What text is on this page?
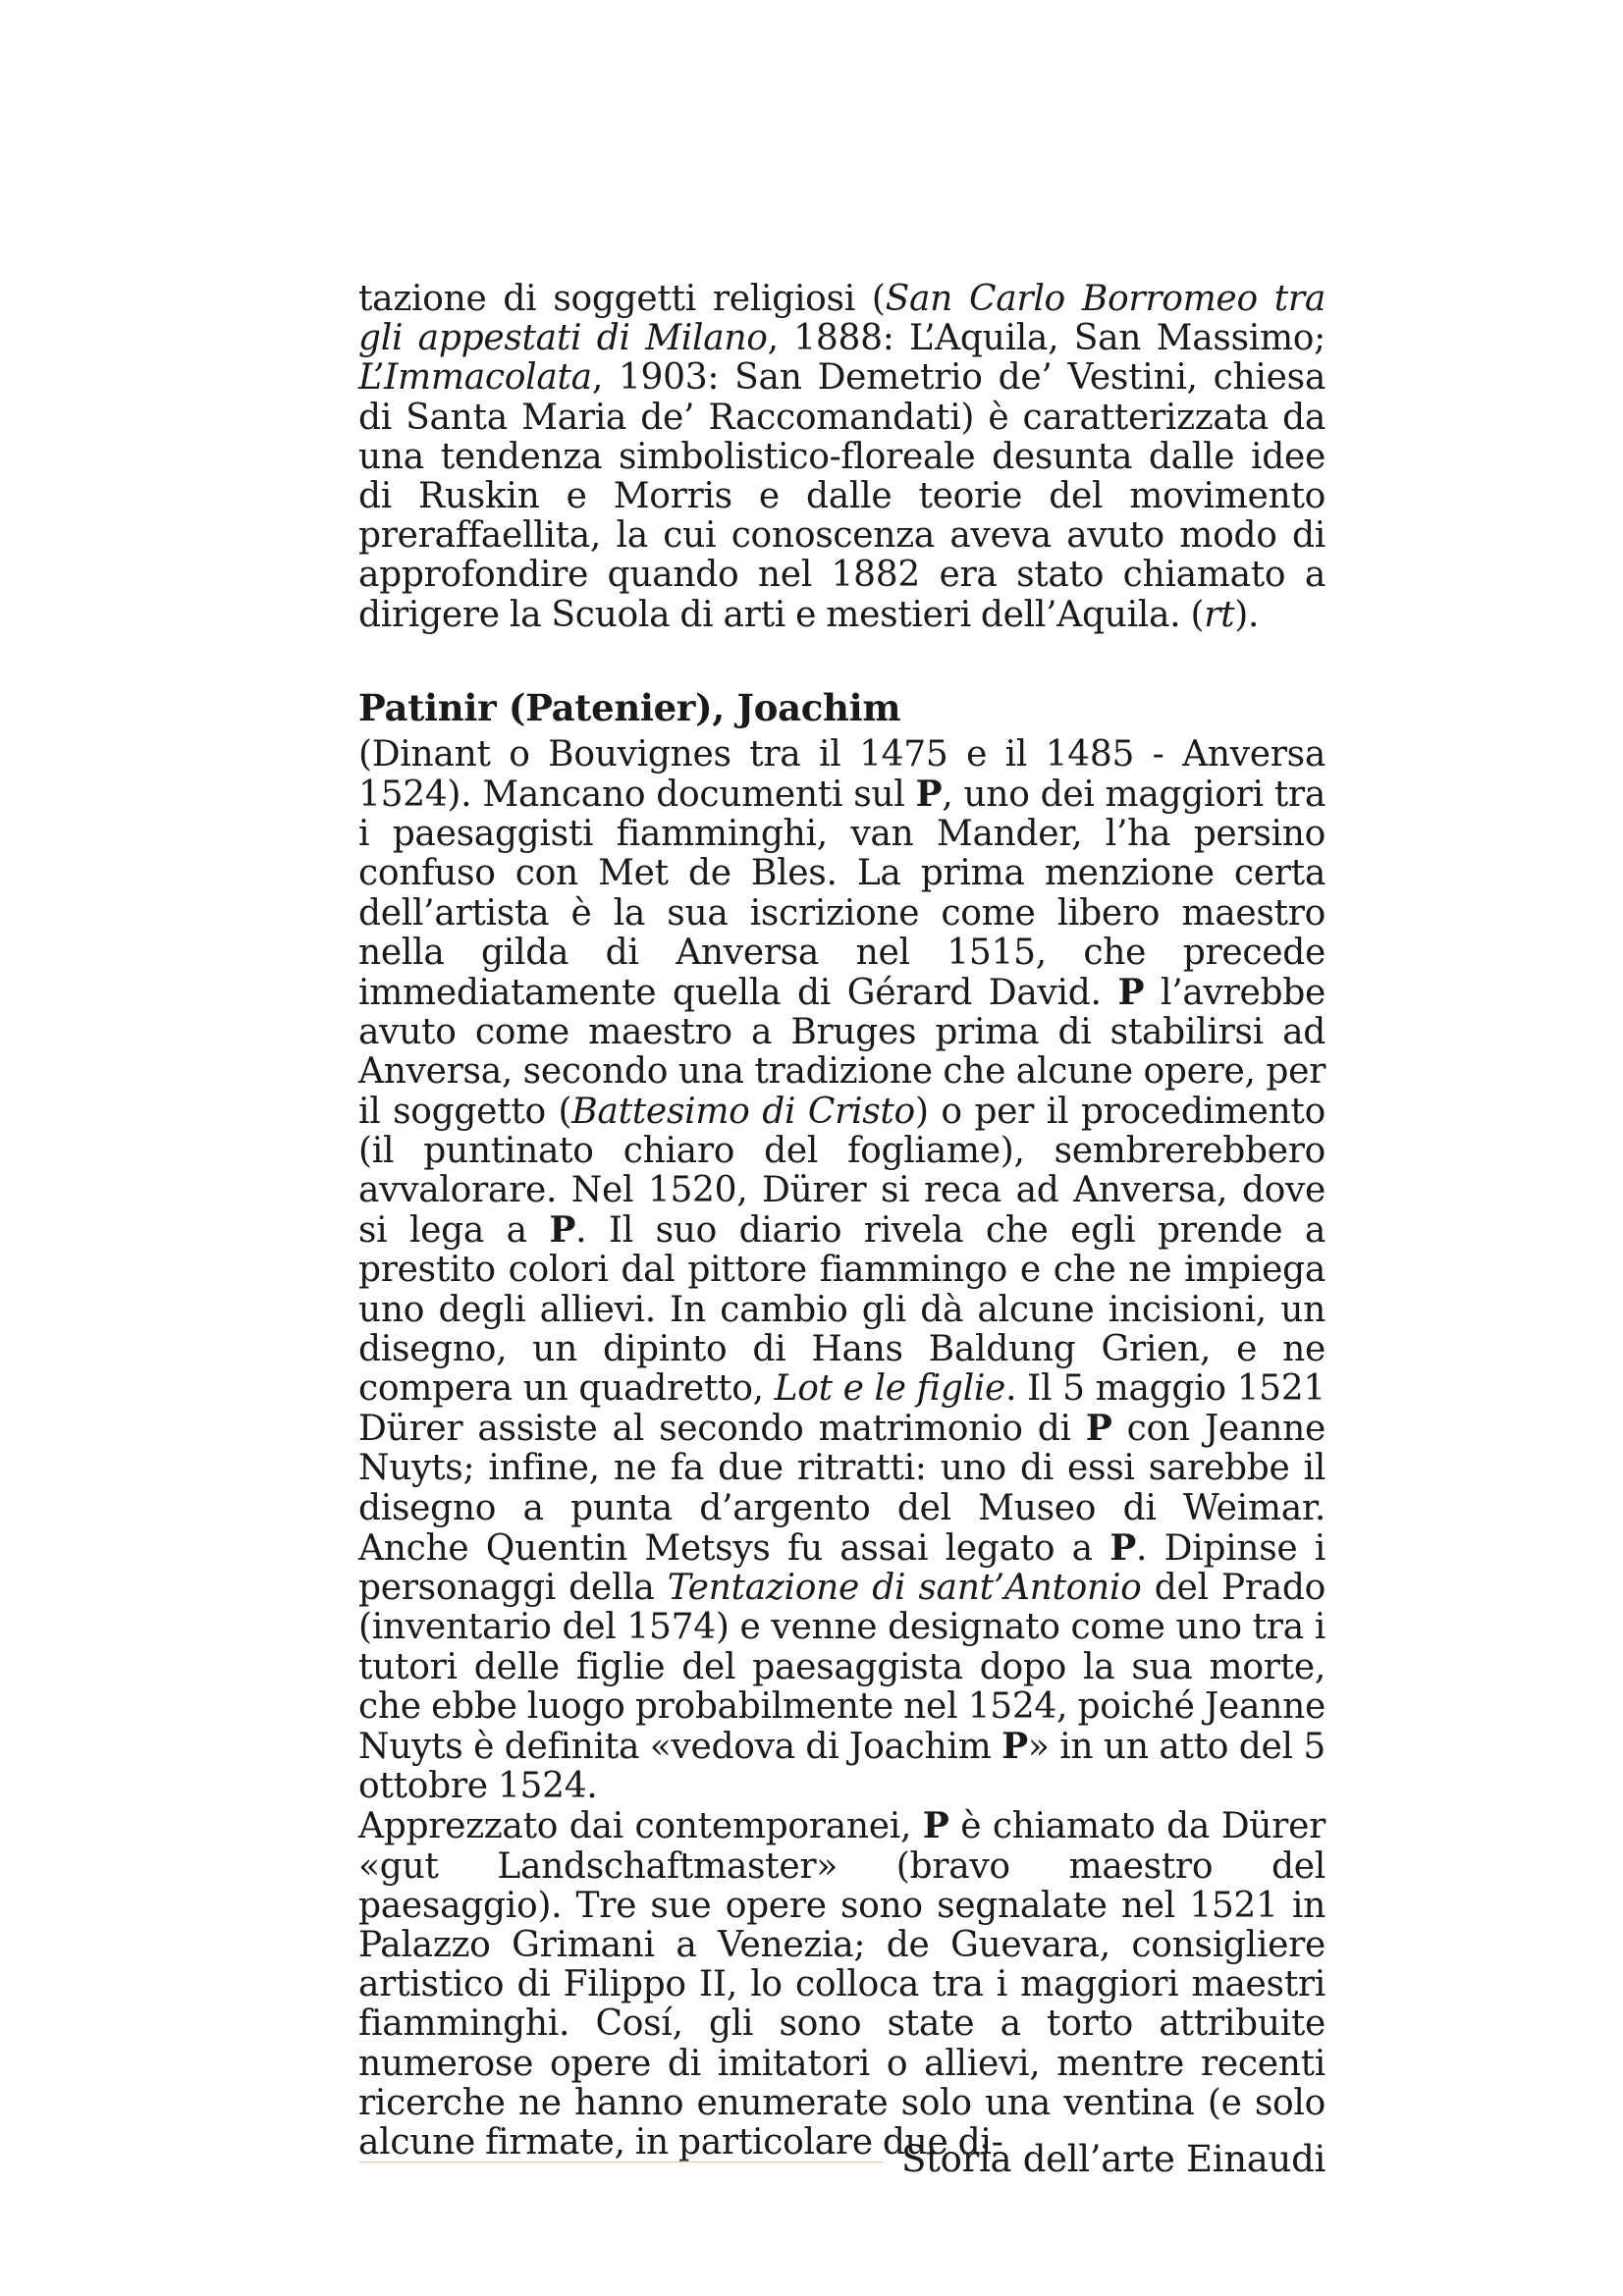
tazione di soggetti religiosi (San Carlo Borromeo tra gli appestati di Milano, 1888: L’Aquila, San Massimo; L’Immacolata, 1903: San Demetrio de’ Vestini, chiesa di Santa Maria de’ Raccomandati) è caratterizzata da una tendenza simbolistico-floreale desunta dalle idee di Ruskin e Morris e dalle teorie del movimento preraffaellita, la cui conoscenza aveva avuto modo di approfondire quando nel 1882 era stato chiamato a dirigere la Scuola di arti e mestieri dell’Aquila. (rt).

Patinir (Patenier), Joachim

(Dinant o Bouvignes tra il 1475 e il 1485 - Anversa 1524). Mancano documenti sul P, uno dei maggiori tra i paesaggisti fiamminghi, van Mander, l’ha persino confuso con Met de Bles. La prima menzione certa dell’artista è la sua iscrizione come libero maestro nella gilda di Anversa nel 1515, che precede immediatamente quella di Gérard David. P l’avrebbe avuto come maestro a Bruges prima di stabilirsi ad Anversa, secondo una tradizione che alcune opere, per il soggetto (Battesimo di Cristo) o per il procedimento (il puntinato chiaro del fogliame), sembrerebbero avvalorare. Nel 1520, Dürer si reca ad Anversa, dove si lega a P. Il suo diario rivela che egli prende a prestito colori dal pittore fiammingo e che ne impiega uno degli allievi. In cambio gli dà alcune incisioni, un disegno, un dipinto di Hans Baldung Grien, e ne compera un quadretto, Lot e le figlie. Il 5 maggio 1521 Dürer assiste al secondo matrimonio di P con Jeanne Nuyts; infine, ne fa due ritratti: uno di essi sarebbe il disegno a punta d’argento del Museo di Weimar. Anche Quentin Metsys fu assai legato a P. Dipinse i personaggi della Tentazione di sant’Antonio del Prado (inventario del 1574) e venne designato come uno tra i tutori delle figlie del paesaggista dopo la sua morte, che ebbe luogo probabilmente nel 1524, poiché Jeanne Nuyts è definita «vedova di Joachim P» in un atto del 5 ottobre 1524.

Apprezzato dai contemporanei, P è chiamato da Dürer «gut Landschaftmaster» (bravo maestro del paesaggio). Tre sue opere sono segnalate nel 1521 in Palazzo Grimani a Venezia; de Guevara, consigliere artistico di Filippo II, lo colloca tra i maggiori maestri fiamminghi. Cosí, gli sono state a torto attribuite numerose opere di imitatori o allievi, mentre recenti ricerche ne hanno enumerate solo una ventina (e solo alcune firmate, in particolare due di-

Storia dell’arte Einaudi
